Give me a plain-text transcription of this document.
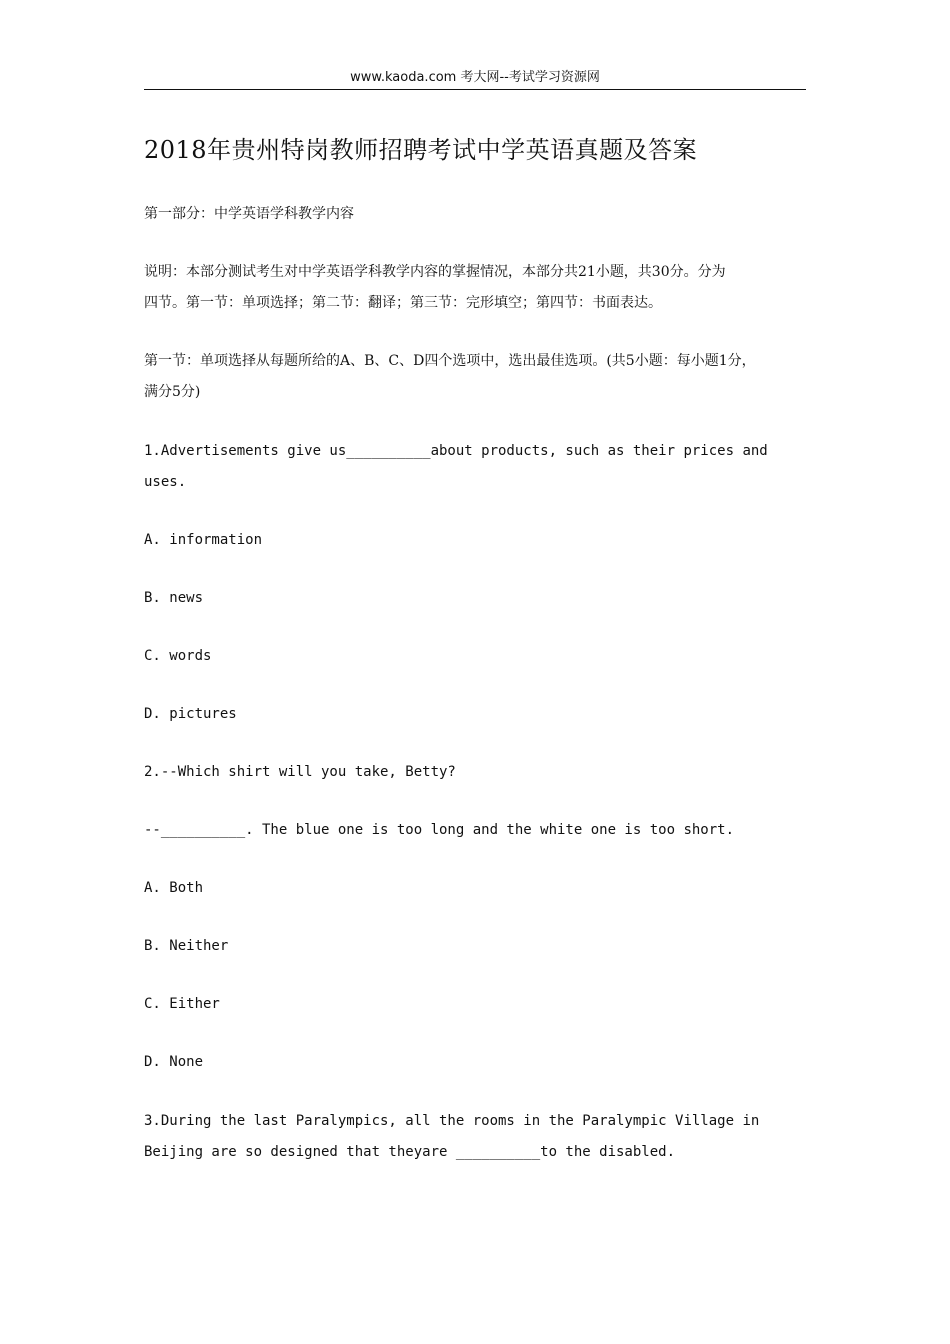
www.kaoda.com 考大网--考试学习资源网
2018年贵州特岗教师招聘考试中学英语真题及答案

第一部分：中学英语学科教学内容

说明：本部分测试考生对中学英语学科教学内容的掌握情况，本部分共21小题，共30分。分为

四节。第一节：单项选择；第二节：翻译；第三节：完形填空；第四节：书面表达。

第一节：单项选择从每题所给的A、B、C、D四个选项中，选出最佳选项。(共5小题：每小题1分，

满分5分)

1.Advertisements give us__________about products, such as their prices and

uses.

A. information

B. news

C. words

D. pictures

2.--Which shirt will you take, Betty?

--__________. The blue one is too long and the white one is too short.

A. Both

B. Neither

C. Either

D. None

3.During the last Paralympics, all the rooms in the Paralympic Village in

Beijing are so designed that theyare __________to the disabled.
